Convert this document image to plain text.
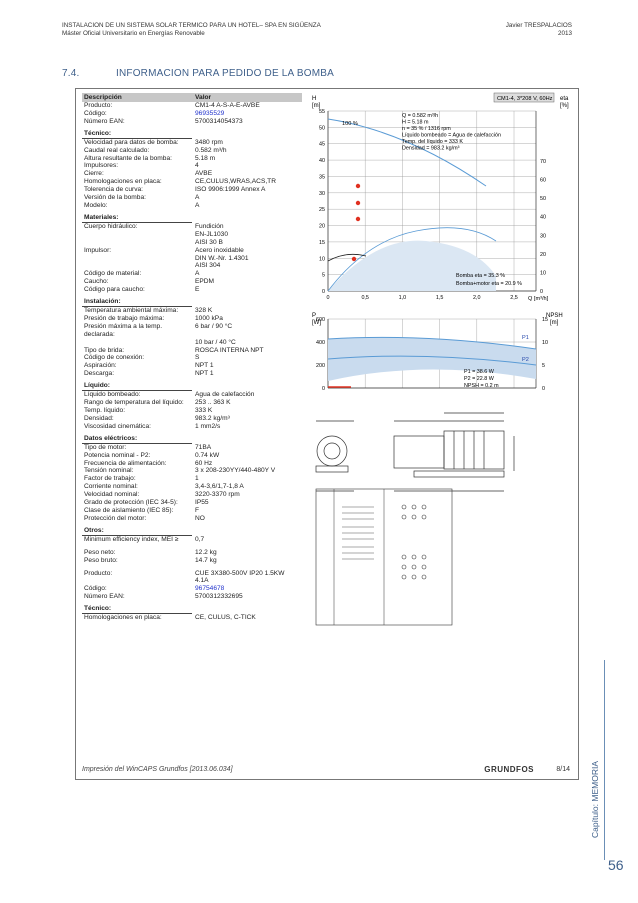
INSTALACION DE UN SISTEMA SOLAR TERMICO PARA UN HOTEL– SPA EN SIGÜENZA
Máster Oficial Universitario en Energías Renovable
Javier TRESPALACIOS
2013
7.4.	INFORMACION PARA PEDIDO DE LA BOMBA
Descripción	Valor
Producto:	CM1-4 A-S-A-E-AVBE
Código:	96935529
Número EAN:	5700314054373
Técnico:
Velocidad para datos de bomba:	3480 rpm
Caudal real calculado:	0.582 m³/h
Altura resultante de la bomba:	5.18 m
Impulsores:	4
Cierre:	AVBE
Homologaciones en placa:	CE,CULUS,WRAS,ACS,TR
Tolerencia de curva:	ISO 9906:1999 Annex A
Versión de la bomba:	A
Modelo:	A
Materiales:
Cuerpo hidráulico:	Fundición
EN-JL1030
AISI 30 B
Impulsor:	Acero inoxidable
DIN W.-Nr. 1.4301
AISI 304
Código de material:	A
Caucho:	EPDM
Código para caucho:	E
Instalación:
Temperatura ambiental máxima:	328 K
Presión de trabajo máxima:	1000 kPa
Presión máxima a la temp. declarada:
6 bar / 90 °C
10 bar / 40 °C
Tipo de brida:	ROSCA INTERNA NPT
Código de conexión:	S
Aspiración:	NPT 1
Descarga:	NPT 1
Líquido:
Líquido bombeado:	Agua de calefacción
Rango de temperatura del líquido:	253 .. 363 K
Temp. líquido:	333 K
Densidad:	983.2 kg/m³
Viscosidad cinemática:	1 mm2/s
Datos eléctricos:
Tipo de motor:	71BA
Potencia nominal - P2:	0.74 kW
Frecuencia de alimentación:	60 Hz
Tensión nominal:	3 x 208-230YY/440-480Y V
Factor de trabajo:	1
Corriente nominal:	3,4-3,6/1,7-1,8 A
Velocidad nominal:	3220-3370 rpm
Grado de protección (IEC 34-5):	IP55
Clase de aislamiento (IEC 85):	F
Protección del motor:	NO
Otros:
Minimum efficiency index, MEI ≥	0,7
Peso neto:	12.2 kg
Peso bruto:	14.7 kg
Producto:	CUE 3X380-500V IP20 1.5KW
4.1A
Código:	96754678
Número EAN:	5700312332695
Técnico:
Homologaciones en placa:	CE, CULUS, C-TICK
H
[m]
eta
[%]
CM1-4, 3*208 V, 60Hz
55
50
45
40
35
30
25
20
15
10
5
0	0
10
20
30
40
50
60
70
0	0,5	1,0	1,5	2,0	2,5
100 %
Q = 0.582 m³/h
H = 5.18 m
n = 35 % / 1316 rpm
Líquido bombeado = Agua de calefacción
Temp. del líquido = 333 K
Densidad = 983.2 kg/m³
Bomba eta = 35.3 %
Bomba+motor eta = 20.9 %
Q [m³/h]
P
[W]
NPSH
[m]
600
400
200
0
15
10
5
0
P1
P2
P1 = 38.6 W
P2 = 22.8 W
NPSH = 0.2 m
Impresión del WinCAPS Grundfos [2013.06.034]	GRUNDFOS	8/14 Capítulo: MEMORIA
56
